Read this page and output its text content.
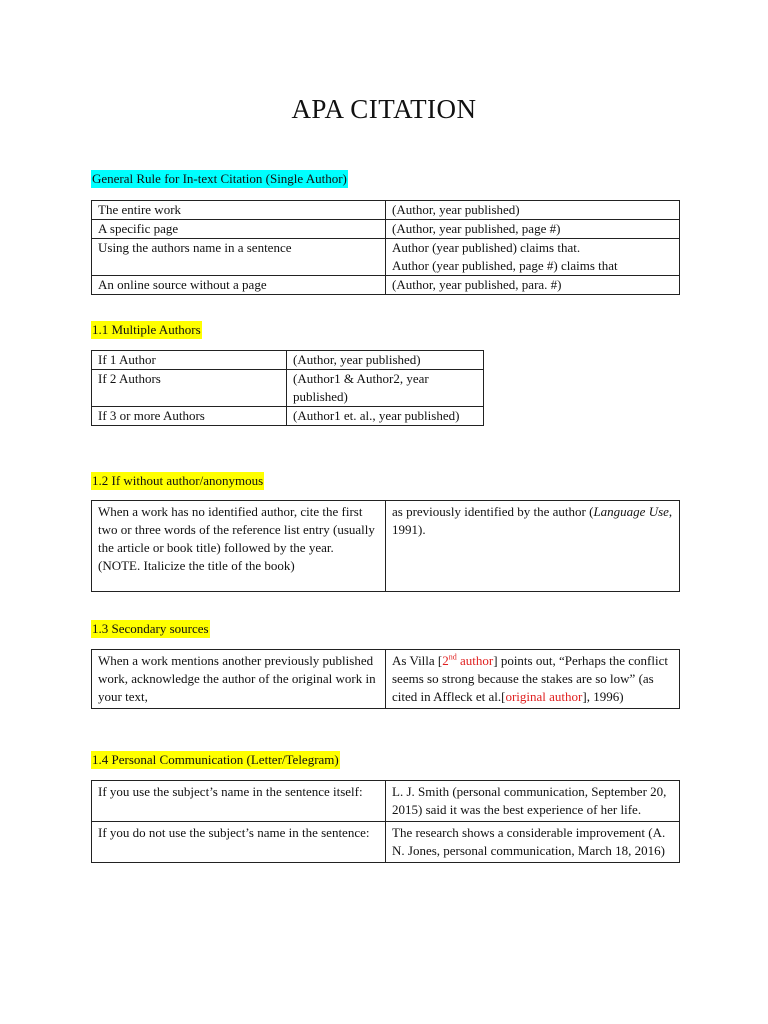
APA CITATION
General Rule for In-text Citation (Single Author)
The entire work	(Author, year published)
A specific page	(Author, year published, page #)
Using the authors name in a sentence	Author (year published) claims that.
Author (year published, page #) claims that

An online source without a page	(Author, year published, para. #)
1.1 Multiple Authors
If 1 Author	(Author, year published)
If 2 Authors	(Author1 & Author2, year published)
If 3 or more Authors	(Author1 et. al., year published)
1.2 If without author/anonymous
When a work has no identified author, cite the first two or three words of the reference list entry (usually the article or book title) followed by the year. (NOTE. Italicize the title of the book)	as previously identified by the author (Language Use, 1991).
1.3 Secondary sources
When a work mentions another previously published work, acknowledge the author of the original work in your text,	As Villa [2nd author] points out, “Perhaps the conflict seems so strong because the stakes are so low” (as cited in Affleck et al.[original author], 1996)
1.4 Personal Communication (Letter/Telegram)
If you use the subject’s name in the sentence itself:	L. J. Smith (personal communication, September 20, 2015) said it was the best experience of her life.
If you do not use the subject’s name in the sentence:	The research shows a considerable improvement (A. N. Jones, personal communication, March 18, 2016)
